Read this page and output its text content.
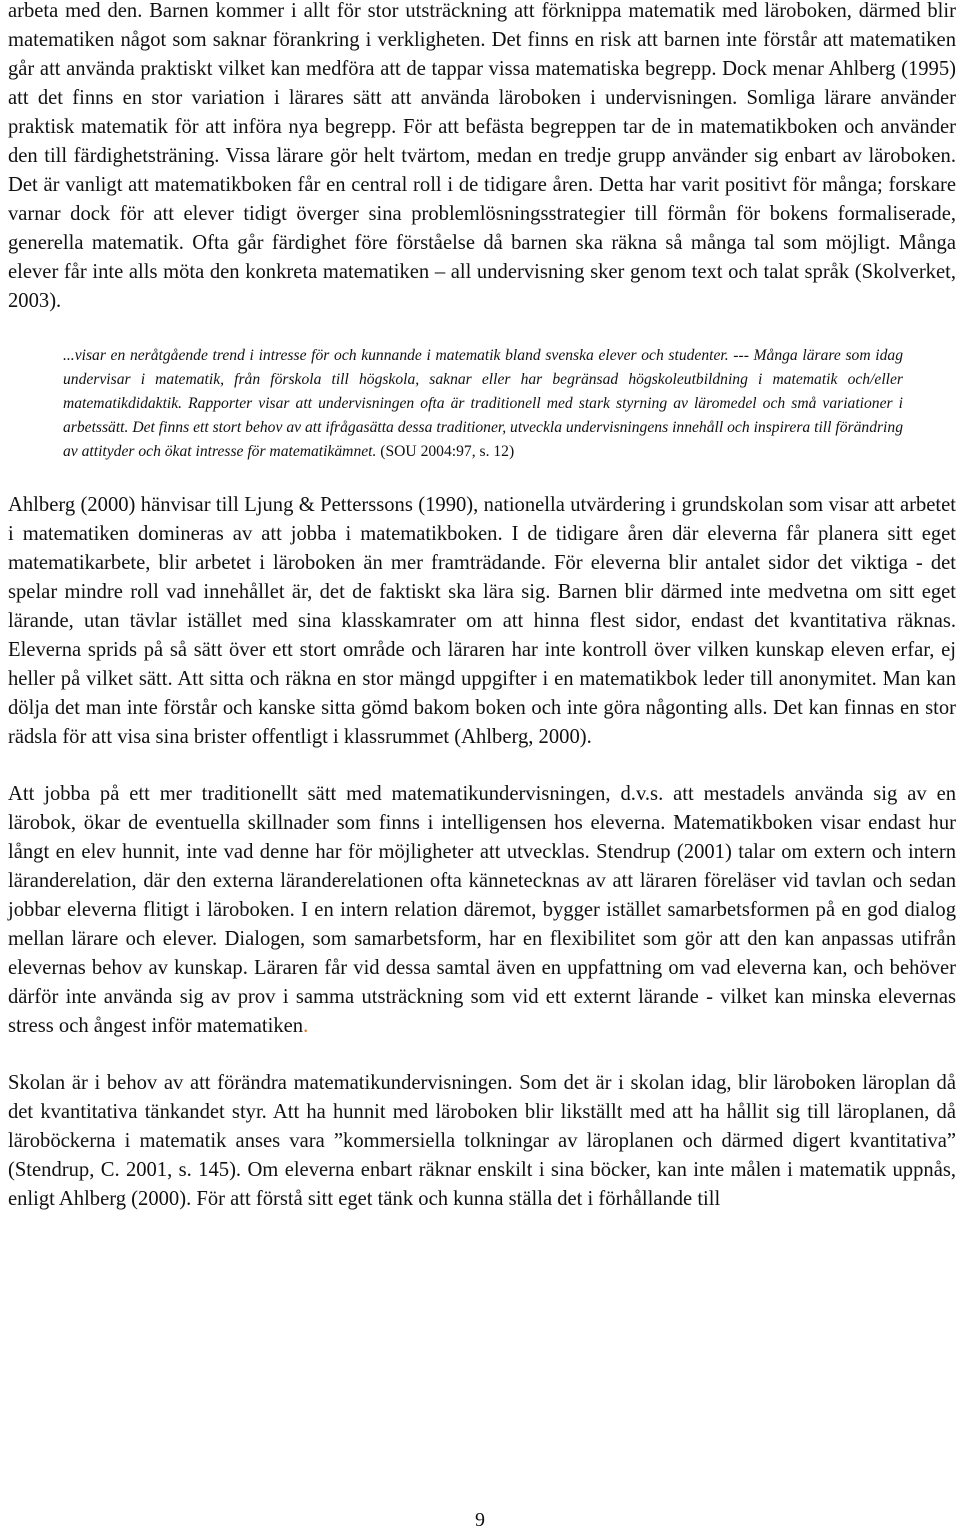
arbeta med den. Barnen kommer i allt för stor utsträckning att förknippa matematik med läroboken, därmed blir matematiken något som saknar förankring i verkligheten. Det finns en risk att barnen inte förstår att matematiken går att använda praktiskt vilket kan medföra att de tappar vissa matematiska begrepp. Dock menar Ahlberg (1995) att det finns en stor variation i lärares sätt att använda läroboken i undervisningen. Somliga lärare använder praktisk matematik för att införa nya begrepp. För att befästa begreppen tar de in matematikboken och använder den till färdighetsträning. Vissa lärare gör helt tvärtom, medan en tredje grupp använder sig enbart av läroboken. Det är vanligt att matematikboken får en central roll i de tidigare åren. Detta har varit positivt för många; forskare varnar dock för att elever tidigt överger sina problemlösningsstrategier till förmån för bokens formaliserade, generella matematik. Ofta går färdighet före förståelse då barnen ska räkna så många tal som möjligt. Många elever får inte alls möta den konkreta matematiken – all undervisning sker genom text och talat språk (Skolverket, 2003).

...visar en neråtgående trend i intresse för och kunnande i matematik bland svenska elever och studenter. --- Många lärare som idag undervisar i matematik, från förskola till högskola, saknar eller har begränsad högskoleutbildning i matematik och/eller matematikdidaktik. Rapporter visar att undervisningen ofta är traditionell med stark styrning av läromedel och små variationer i arbetssätt. Det finns ett stort behov av att ifrågasätta dessa traditioner, utveckla undervisningens innehåll och inspirera till förändring av attityder och ökat intresse för matematikämnet. (SOU 2004:97, s. 12)

Ahlberg (2000) hänvisar till Ljung & Petterssons (1990), nationella utvärdering i grundskolan som visar att arbetet i matematiken domineras av att jobba i matematikboken. I de tidigare åren där eleverna får planera sitt eget matematikarbete, blir arbetet i läroboken än mer framträdande. För eleverna blir antalet sidor det viktiga - det spelar mindre roll vad innehållet är, det de faktiskt ska lära sig. Barnen blir därmed inte medvetna om sitt eget lärande, utan tävlar istället med sina klasskamrater om att hinna flest sidor, endast det kvantitativa räknas. Eleverna sprids på så sätt över ett stort område och läraren har inte kontroll över vilken kunskap eleven erfar, ej heller på vilket sätt. Att sitta och räkna en stor mängd uppgifter i en matematikbok leder till anonymitet. Man kan dölja det man inte förstår och kanske sitta gömd bakom boken och inte göra någonting alls. Det kan finnas en stor rädsla för att visa sina brister offentligt i klassrummet (Ahlberg, 2000).

Att jobba på ett mer traditionellt sätt med matematikundervisningen, d.v.s. att mestadels använda sig av en lärobok, ökar de eventuella skillnader som finns i intelligensen hos eleverna. Matematikboken visar endast hur långt en elev hunnit, inte vad denne har för möjligheter att utvecklas. Stendrup (2001) talar om extern och intern läranderelation, där den externa läranderelationen ofta kännetecknas av att läraren föreläser vid tavlan och sedan jobbar eleverna flitigt i läroboken. I en intern relation däremot, bygger istället samarbetsformen på en god dialog mellan lärare och elever. Dialogen, som samarbetsform, har en flexibilitet som gör att den kan anpassas utifrån elevernas behov av kunskap. Läraren får vid dessa samtal även en uppfattning om vad eleverna kan, och behöver därför inte använda sig av prov i samma utsträckning som vid ett externt lärande - vilket kan minska elevernas stress och ångest inför matematiken.

Skolan är i behov av att förändra matematikundervisningen. Som det är i skolan idag, blir läroboken läroplan då det kvantitativa tänkandet styr. Att ha hunnit med läroboken blir likställt med att ha hållit sig till läroplanen, då läroböckerna i matematik anses vara ”kommersiella tolkningar av läroplanen och därmed digert kvantitativa” (Stendrup, C. 2001, s. 145). Om eleverna enbart räknar enskilt i sina böcker, kan inte målen i matematik uppnås, enligt Ahlberg (2000). För att förstå sitt eget tänk och kunna ställa det i förhållande till

9
